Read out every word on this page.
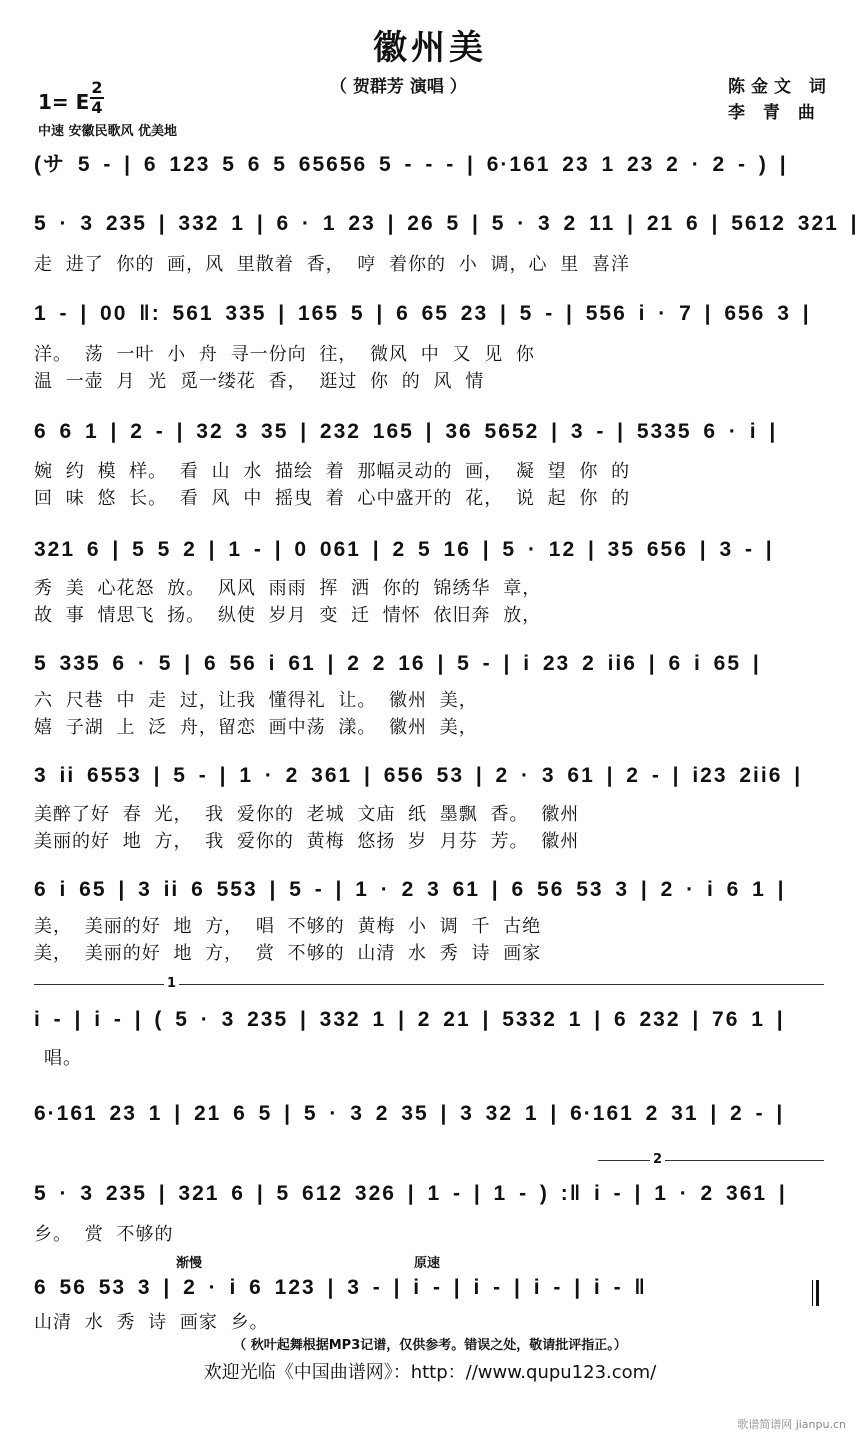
徽州美
（ 贺群芳 演唱 ）	陈金文 词
李 青 曲
1= E
2
4
中速 安徽民歌风 优美地
(サ 5 - | 6 123 5 6 5 65656 5 - - - | 6·161 23 1 23 2 · 2 - ) |
5 · 3 235 | 332 1 | 6 · 1 23 | 26 5 | 5 · 3 2 11 | 21 6 | 5612 321 |
走 进了 你的 画，风 里散着 香， 哼 着你的 小 调，心 里 喜洋
1 - | 00 ‖: 561 335 | 165 5 | 6 65 23 | 5 - | 556 i · 7 | 656 3 |
洋。 荡 一叶 小 舟 寻一份向 往， 微风 中 又 见 你
温 一壶 月 光 觅一缕花 香， 逛过 你 的 风 情
6 6 1 | 2 - | 32 3 35 | 232 165 | 36 5652 | 3 - | 5335 6 · i |
婉 约 模 样。 看 山 水 描绘 着 那幅灵动的 画， 凝 望 你 的
回 味 悠 长。 看 风 中 摇曳 着 心中盛开的 花， 说 起 你 的
321 6 | 5 5 2 | 1 - | 0 061 | 2 5 16 | 5 · 12 | 35 656 | 3 - |
秀 美 心花怒 放。 风风 雨雨 挥 洒 你的 锦绣华 章，
故 事 情思飞 扬。 纵使 岁月 变 迁 情怀 依旧奔 放，
5 335 6 · 5 | 6 56 i 61 | 2 2 16 | 5 - | i 23 2 ii6 | 6 i 65 |
六 尺巷 中 走 过，让我 懂得礼 让。 徽州 美，
嬉 子湖 上 泛 舟，留恋 画中荡 漾。 徽州 美，
3 ii 6553 | 5 - | 1 · 2 361 | 656 53 | 2 · 3 61 | 2 - | i23 2ii6 |
美醉了好 春 光， 我 爱你的 老城 文庙 纸 墨飘 香。 徽州
美丽的好 地 方， 我 爱你的 黄梅 悠扬 岁 月芬 芳。 徽州
6 i 65 | 3 ii 6 553 | 5 - | 1 · 2 3 61 | 6 56 53 3 | 2 · i 6 1 |
美， 美丽的好 地 方， 唱 不够的 黄梅 小 调 千 古绝
美， 美丽的好 地 方， 赏 不够的 山清 水 秀 诗 画家
1
i - | i - | ( 5 · 3 235 | 332 1 | 2 21 | 5332 1 | 6 232 | 76 1 |
唱。
6·161 23 1 | 21 6 5 | 5 · 3 2 35 | 3 32 1 | 6·161 2 31 | 2 - |
2
5 · 3 235 | 321 6 | 5 612 326 | 1 - | 1 - ) :‖ i - | 1 · 2 361 |
乡。 赏 不够的
渐慢	原速
6 56 53 3 | 2 · i 6 123 | 3 - | i - | i - | i - | i - ‖
山清 水 秀 诗 画家 乡。
（ 秋叶起舞根据MP3记谱，仅供参考。错误之处，敬请批评指正。）
欢迎光临《中国曲谱网》：http：//www.qupu123.com/
歌谱简谱网 jianpu.cn
